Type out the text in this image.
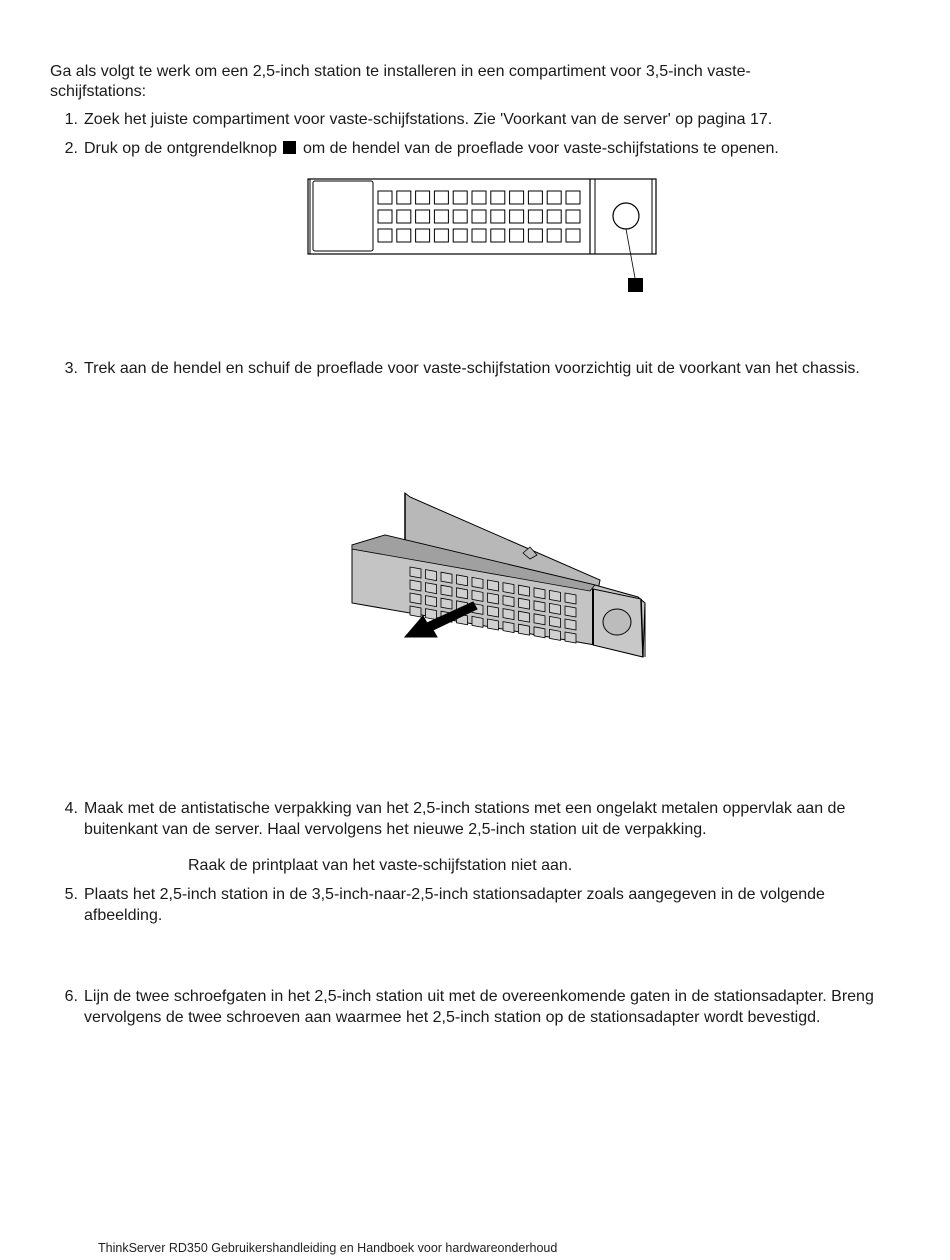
Ga als volgt te werk om een 2,5-inch station te installeren in een compartiment voor 3,5-inch vaste-schijfstations:

1. Zoek het juiste compartiment voor vaste-schijfstations. Zie 'Voorkant van de server' op pagina 17.
2. Druk op de ontgrendelknop om de hendel van de proeflade voor vaste-schijfstations te openen.
3. Trek aan de hendel en schuif de proeflade voor vaste-schijfstation voorzichtig uit de voorkant van het chassis.
4. Maak met de antistatische verpakking van het 2,5-inch stations met een ongelakt metalen oppervlak aan de buitenkant van de server. Haal vervolgens het nieuwe 2,5-inch station uit de verpakking.

Raak de printplaat van het vaste-schijfstation niet aan.

5. Plaats het 2,5-inch station in de 3,5-inch-naar-2,5-inch stationsadapter zoals aangegeven in de volgende afbeelding.
6. Lijn de twee schroefgaten in het 2,5-inch station uit met de overeenkomende gaten in de stationsadapter. Breng vervolgens de twee schroeven aan waarmee het 2,5-inch station op de stationsadapter wordt bevestigd.

ThinkServer RD350 Gebruikershandleiding en Handboek voor hardwareonderhoud
